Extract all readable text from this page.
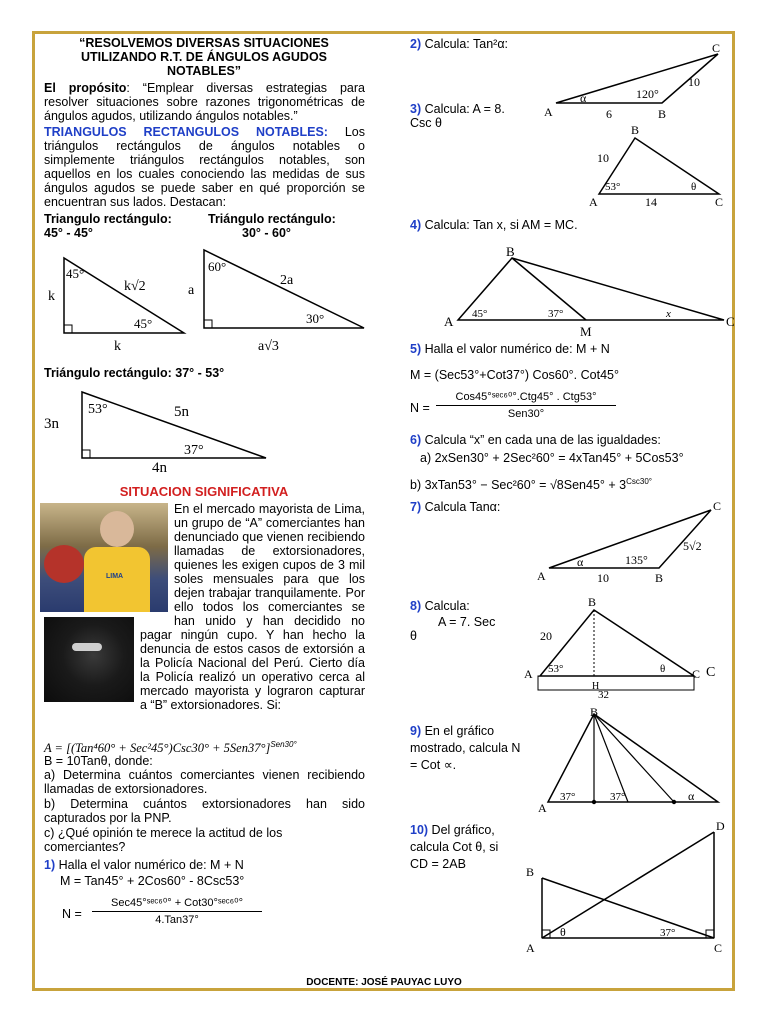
“RESOLVEMOS DIVERSAS SITUACIONES
UTILIZANDO R.T. DE ÁNGULOS AGUDOS
NOTABLES”
El propósito: “Emplear diversas estrategias para resolver situaciones sobre razones trigonométricas de ángulos agudos, utilizando ángulos notables.”
TRIANGULOS RECTANGULOS NOTABLES: Los triángulos rectángulos de ángulos notables o simplemente triángulos rectángulos notables, son aquellos en los cuales conociendo las medidas de sus ángulos agudos se puede saber en qué proporción se encuentran sus lados. Destacan:
Triangulo rectángulo:
45° - 45°
Triángulo rectángulo:
30° - 60°
45°
45°
k
k
k√2
60°
30°
a
2a
a√3
Triángulo rectángulo: 37° - 53°
53°
37°
3n
5n
4n
SITUACION SIGNIFICATIVA
LIMA
En el mercado mayorista de Lima, un grupo de “A” comerciantes han denunciado que vienen recibiendo llamadas de extorsionadores, quienes les exigen cupos de 3 mil soles mensuales para que los dejen trabajar tranquilamente. Por ello todos los comerciantes se han unido y han decidido no pagar ningún cupo. Y han hecho la denuncia de estos casos de extorsión a la Policía Nacional del Perú. Cierto día la Policía realizó un operativo cerca al mercado mayorista y lograron capturar a “B” extorsionadores. Si:
$A = [(Tan^460^\circ + Sec^245^\circ)Csc30^\circ + 5Sen37^\circ]^{Sen30^\circ}$
B = 10Tanθ, donde:
a) Determina cuántos comerciantes vienen recibiendo llamadas de extorsionadores.
b) Determina cuántos extorsionadores han sido capturados por la PNP.
c) ¿Qué opinión te merece la actitud de los comerciantes?
1) Halla el valor numérico de: M + N
M = Tan45° + 2Cos60° - 8Csc53°
N =
Sec45°ˢᵉᶜ⁶⁰° + Cot30°ˢᵉᶜ⁶⁰°
4.Tan37°
2) Calcula: Tan²α:
A	B
C
α	120°
6
10
3) Calcula: A = 8.
Csc θ
A
B
C
53°	θ
10
14
4) Calcula: Tan x, si AM = MC.
A
B
C
M
45°	37°	x
5) Halla el valor numérico de: M + N
M = (Sec53°+Cot37°) Cos60°. Cot45°
N =
Cos45°ˢᵉᶜ⁶⁰°.Ctg45° . Ctg53°
Sen30°
6) Calcula “x” en cada una de las igualdades:
a) 2xSen30° + 2Sec²60° = 4xTan45° + 5Cos53°
b) 3xTan53° − $Sec^260^\circ = √8Sen45^\circ + 3^{Csc30^\circ}$
7) Calcula Tanα:
A	B
C
α	135°
10
5√2
8) Calcula:
A = 7. Sec
θ
A
B
C C
H
53°	θ
20
32
9) En el gráfico mostrado, calcula N = Cot ∝.
A
B
37°	37°	α
10) Del gráfico, calcula Cot θ, si CD = 2AB
B
D
A	C
θ	37°
DOCENTE: JOSÉ PAUYAC LUYO
